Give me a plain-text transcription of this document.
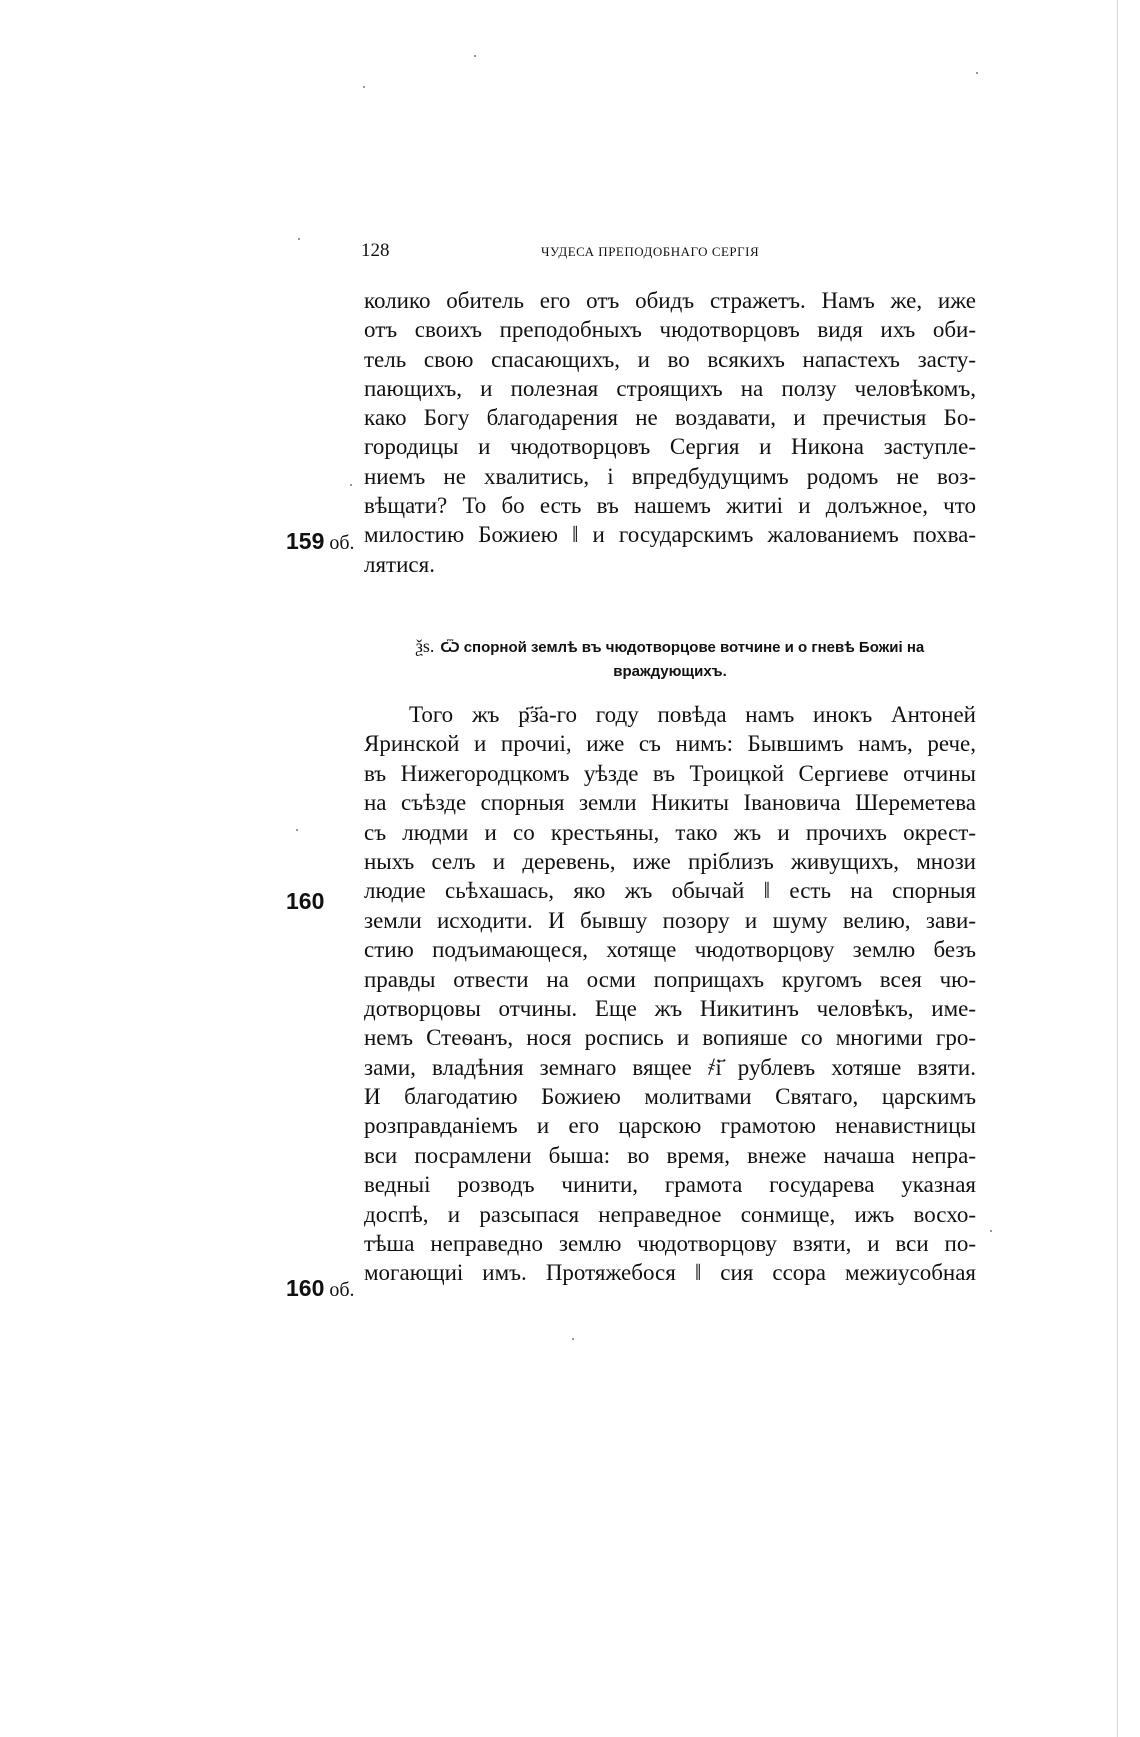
128	ЧУДЕСА ПРЕПОДОБНАГО СЕРГІЯ
колико обитель его отъ обидъ стражетъ. Намъ же, иже
отъ своихъ преподобныхъ чюдотворцовъ видя ихъ оби-
тель свою спасающихъ, и во всякихъ напастехъ засту-
пающихъ, и полезная строящихъ на ползу человѣкомъ,
како Богу благодарения не воздавати, и пречистыя Бо-
городицы и чюдотворцовъ Сергия и Никона заступле-
ниемъ не хвалитись, і впредбудущимъ родомъ не воз-
вѣщати? То бо есть въ нашемъ житиі и долъжное, что
милостию Божиею ‖ и государскимъ жалованиемъ похва-
лятися.
159 об.
ѯѕ. Ѿ спорной землѣ въ чюдотворцове вотчине и о гневѣ Божиі на
враждующихъ.
Того жъ ҏ҃з҃а-го году повѣда намъ инокъ Антоней
Яринской и прочиі, иже съ нимъ: Бывшимъ намъ, рече,
въ Нижегородцкомъ уѣзде въ Троицкой Сергиеве отчины
на съѣзде спорныя земли Никиты Івановича Шереметева
съ людми и со крестьяны, тако жъ и прочихъ окрест-
ныхъ селъ и деревень, иже пріблизъ живущихъ, мнози
людие сьѣхашась, яко жъ обычай ‖ есть на спорныя
земли исходити. И бывшу позору и шуму велию, зави-
стию подъимающеся, хотяще чюдотворцову землю безъ
правды отвести на осми поприщахъ кругомъ всея чю-
дотворцовы отчины. Еще жъ Никитинъ человѣкъ, име-
немъ Стеѳанъ, нося роспись и вопияше со многими гро-
зами, владѣния земнаго вящее ҂і҃ рублевъ хотяше взяти.
И благодатию Божиею молитвами Святаго, царскимъ
розправданіемъ и его царскою грамотою ненавистницы
вси посрамлени быша: во время, внеже начаша непра-
ведныі розводъ чинити, грамота государева указная
доспѣ, и разсыпася неправедное сонмище, ижъ восхо-
тѣша неправедно землю чюдотворцову взяти, и вси по-
могающиі имъ. Протяжебося ‖ сия ссора межиусобная
160
160 об.
